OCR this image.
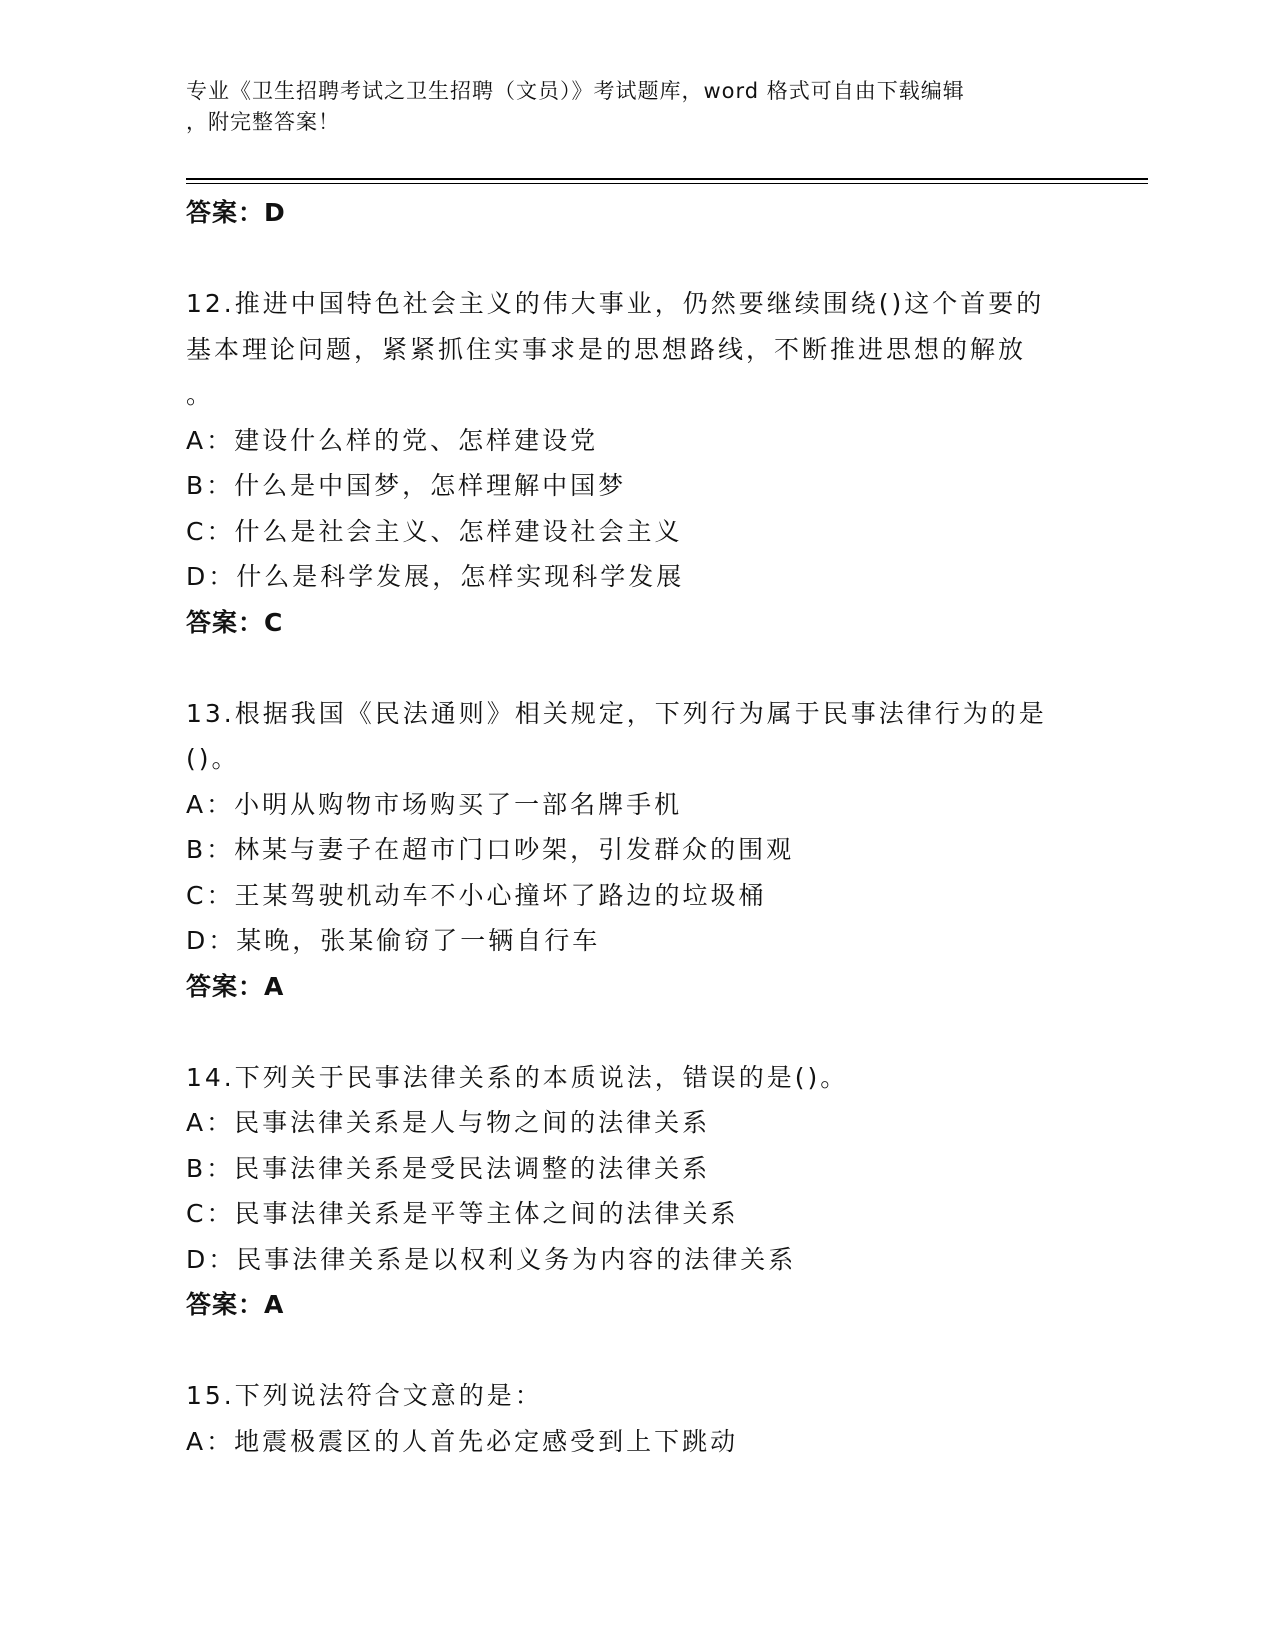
专业《卫生招聘考试之卫生招聘（文员）》考试题库，word 格式可自由下载编辑
，附完整答案！
答案：D
12.推进中国特色社会主义的伟大事业，仍然要继续围绕()这个首要的
基本理论问题，紧紧抓住实事求是的思想路线，不断推进思想的解放
。
A：建设什么样的党、怎样建设党
B：什么是中国梦，怎样理解中国梦
C：什么是社会主义、怎样建设社会主义
D：什么是科学发展，怎样实现科学发展
答案：C
13.根据我国《民法通则》相关规定，下列行为属于民事法律行为的是
()。
A：小明从购物市场购买了一部名牌手机
B：林某与妻子在超市门口吵架，引发群众的围观
C：王某驾驶机动车不小心撞坏了路边的垃圾桶
D：某晚，张某偷窃了一辆自行车
答案：A
14.下列关于民事法律关系的本质说法，错误的是()。
A：民事法律关系是人与物之间的法律关系
B：民事法律关系是受民法调整的法律关系
C：民事法律关系是平等主体之间的法律关系
D：民事法律关系是以权利义务为内容的法律关系
答案：A
15.下列说法符合文意的是：
A：地震极震区的人首先必定感受到上下跳动
